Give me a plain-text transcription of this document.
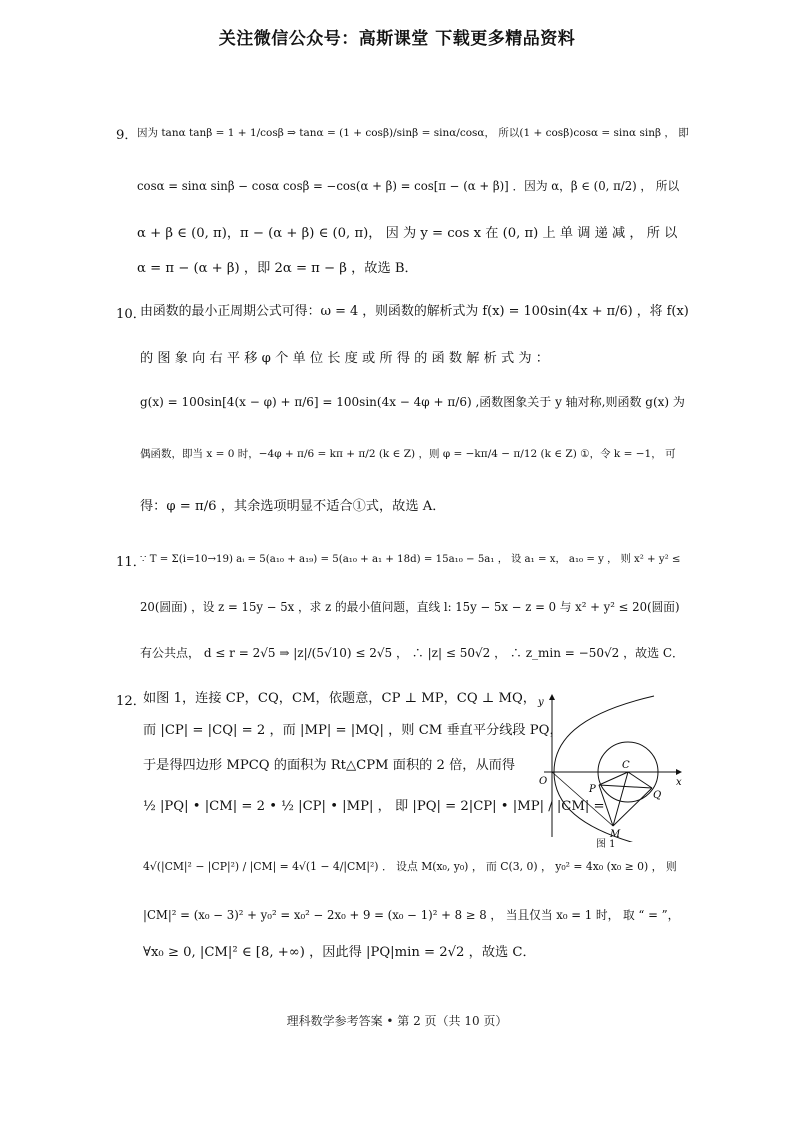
关注微信公众号：高斯课堂 下载更多精品资料
9． 因为 tanα tanβ = 1 + 1/cosβ ⇒ tanα = (1 + cosβ)/sinβ = sinα/cosα， 所以(1 + cosβ)cosα = sinα sinβ ， 即
cosα = sinα sinβ − cosα cosβ = −cos(α + β) = cos[π − (α + β)] ．因为 α，β ∈ (0, π/2) ， 所以
α + β ∈ (0, π)，π − (α + β) ∈ (0, π)， 因 为 y = cos x 在 (0, π) 上 单 调 递 减 ， 所 以
α = π − (α + β) ，即 2α = π − β ，故选 B．
10．
由函数的最小正周期公式可得：ω = 4 ，则函数的解析式为 f(x) = 100sin(4x + π/6) ，将 f(x)
的 图 象 向 右 平 移 φ 个 单 位 长 度 或 所 得 的 函 数 解 析 式 为 ：
g(x) = 100sin[4(x − φ) + π/6] = 100sin(4x − 4φ + π/6) ,函数图象关于 y 轴对称,则函数 g(x) 为
偶函数，即当 x = 0 时，−4φ + π/6 = kπ + π/2 (k ∈ Z) ，则 φ = −kπ/4 − π/12 (k ∈ Z) ①，令 k = −1， 可
得：φ = π/6 ，其余选项明显不适合①式，故选 A．
11．
∵ T = Σ(i=10→19) aᵢ = 5(a₁₀ + a₁₉) = 5(a₁₀ + a₁ + 18d) = 15a₁₀ − 5a₁ ， 设 a₁ = x， a₁₀ = y ， 则 x² + y² ≤
20(圆面) ，设 z = 15y − 5x ，求 z 的最小值问题，直线 l: 15y − 5x − z = 0 与 x² + y² ≤ 20(圆面)
有公共点， d ≤ r = 2√5 ⇒ |z|/(5√10) ≤ 2√5 ， ∴ |z| ≤ 50√2 ， ∴ z_min = −50√2 ，故选 C．
12．
如图 1，连接 CP，CQ，CM，依题意，CP ⊥ MP，CQ ⊥ MQ，
而 |CP| = |CQ| = 2 ，而 |MP| = |MQ| ，则 CM 垂直平分线段 PQ，
于是得四边形 MPCQ 的面积为 Rt△CPM 面积的 2 倍，从而得
½ |PQ| • |CM| = 2 • ½ |CP| • |MP| ， 即 |PQ| = 2|CP| • |MP| / |CM| =
4√(|CM|² − |CP|²) / |CM| = 4√(1 − 4/|CM|²) ． 设点 M(x₀, y₀) ， 而 C(3, 0) ， y₀² = 4x₀ (x₀ ≥ 0) ， 则
|CM|² = (x₀ − 3)² + y₀² = x₀² − 2x₀ + 9 = (x₀ − 1)² + 8 ≥ 8 ， 当且仅当 x₀ = 1 时， 取 “ = ”，
∀x₀ ≥ 0, |CM|² ∈ [8, +∞) ，因此得 |PQ|min = 2√2 ，故选 C．
y
x
O
C
P
Q
M
图 1
理科数学参考答案 • 第 2 页（共 10 页）
